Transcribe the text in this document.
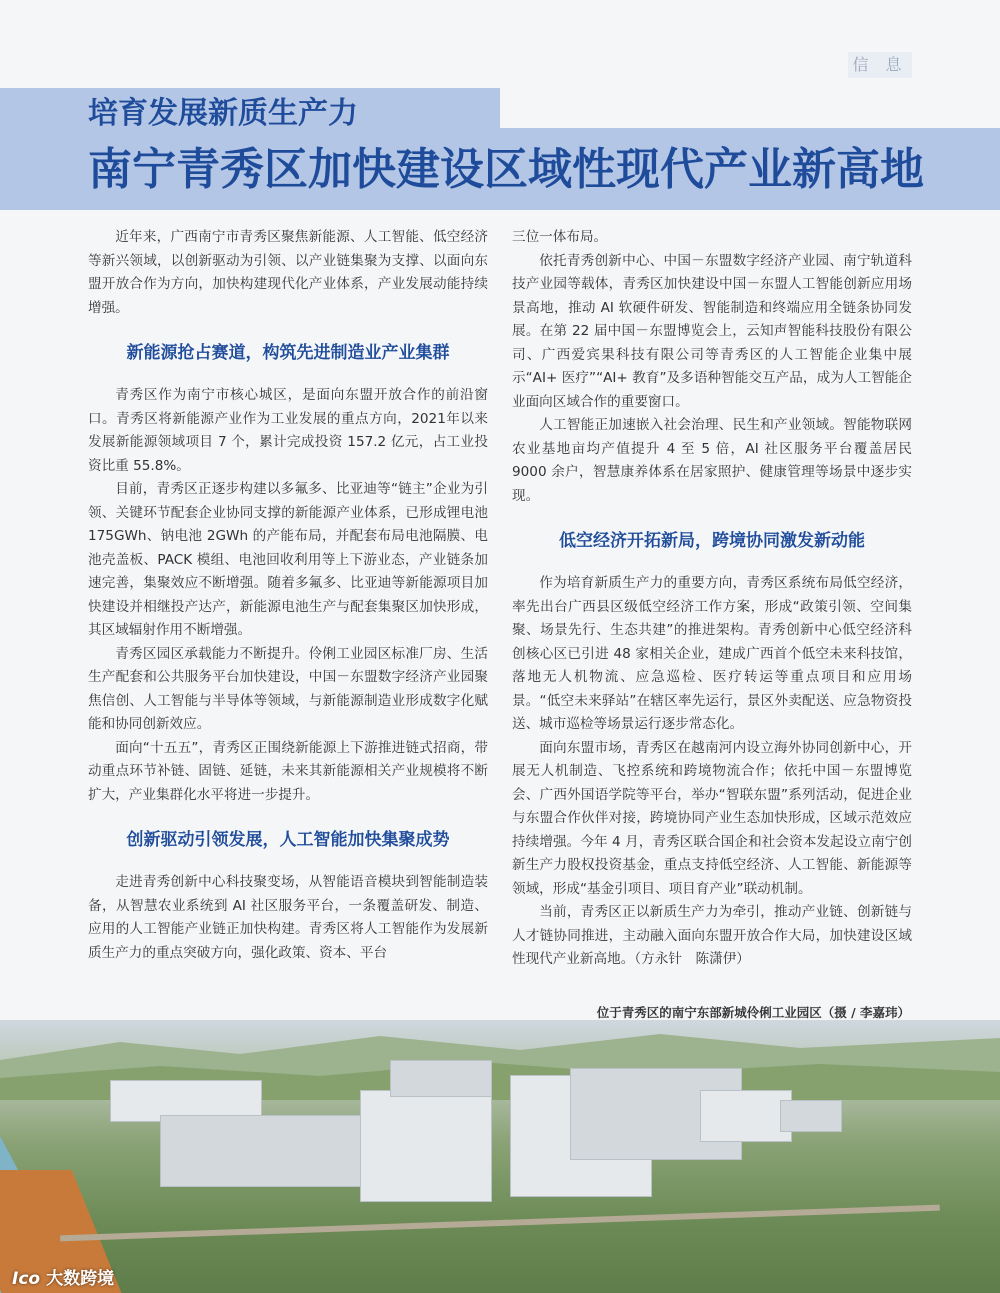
信 息
培育发展新质生产力
南宁青秀区加快建设区域性现代产业新高地

近年来，广西南宁市青秀区聚焦新能源、人工智能、低空经济等新兴领域，以创新驱动为引领、以产业链集聚为支撑、以面向东盟开放合作为方向，加快构建现代化产业体系，产业发展动能持续增强。

新能源抢占赛道，构筑先进制造业产业集群

青秀区作为南宁市核心城区，是面向东盟开放合作的前沿窗口。青秀区将新能源产业作为工业发展的重点方向，2021年以来发展新能源领域项目 7 个，累计完成投资 157.2 亿元，占工业投资比重 55.8%。

目前，青秀区正逐步构建以多氟多、比亚迪等“链主”企业为引领、关键环节配套企业协同支撑的新能源产业体系，已形成锂电池 175GWh、钠电池 2GWh 的产能布局，并配套布局电池隔膜、电池壳盖板、PACK 模组、电池回收利用等上下游业态，产业链条加速完善，集聚效应不断增强。随着多氟多、比亚迪等新能源项目加快建设并相继投产达产，新能源电池生产与配套集聚区加快形成，其区域辐射作用不断增强。

青秀区园区承载能力不断提升。伶俐工业园区标准厂房、生活生产配套和公共服务平台加快建设，中国－东盟数字经济产业园聚焦信创、人工智能与半导体等领域，与新能源制造业形成数字化赋能和协同创新效应。

面向“十五五”，青秀区正围绕新能源上下游推进链式招商，带动重点环节补链、固链、延链，未来其新能源相关产业规模将不断扩大，产业集群化水平将进一步提升。

创新驱动引领发展，人工智能加快集聚成势

走进青秀创新中心科技聚变场，从智能语音模块到智能制造装备，从智慧农业系统到 AI 社区服务平台，一条覆盖研发、制造、应用的人工智能产业链正加快构建。青秀区将人工智能作为发展新质生产力的重点突破方向，强化政策、资本、平台

三位一体布局。

依托青秀创新中心、中国－东盟数字经济产业园、南宁轨道科技产业园等载体，青秀区加快建设中国－东盟人工智能创新应用场景高地，推动 AI 软硬件研发、智能制造和终端应用全链条协同发展。在第 22 届中国－东盟博览会上，云知声智能科技股份有限公司、广西爱宾果科技有限公司等青秀区的人工智能企业集中展示“AI+ 医疗”“AI+ 教育”及多语种智能交互产品，成为人工智能企业面向区域合作的重要窗口。

人工智能正加速嵌入社会治理、民生和产业领域。智能物联网农业基地亩均产值提升 4 至 5 倍，AI 社区服务平台覆盖居民 9000 余户，智慧康养体系在居家照护、健康管理等场景中逐步实现。

低空经济开拓新局，跨境协同激发新动能

作为培育新质生产力的重要方向，青秀区系统布局低空经济，率先出台广西县区级低空经济工作方案，形成“政策引领、空间集聚、场景先行、生态共建”的推进架构。青秀创新中心低空经济科创核心区已引进 48 家相关企业，建成广西首个低空未来科技馆，落地无人机物流、应急巡检、医疗转运等重点项目和应用场景。“低空未来驿站”在辖区率先运行，景区外卖配送、应急物资投送、城市巡检等场景运行逐步常态化。

面向东盟市场，青秀区在越南河内设立海外协同创新中心，开展无人机制造、飞控系统和跨境物流合作；依托中国－东盟博览会、广西外国语学院等平台，举办“智联东盟”系列活动，促进企业与东盟合作伙伴对接，跨境协同产业生态加快形成，区域示范效应持续增强。今年 4 月，青秀区联合国企和社会资本发起设立南宁创新生产力股权投资基金，重点支持低空经济、人工智能、新能源等领域，形成“基金引项目、项目育产业”联动机制。

当前，青秀区正以新质生产力为牵引，推动产业链、创新链与人才链协同推进，主动融入面向东盟开放合作大局，加快建设区域性现代产业新高地。（方永针　陈潇伊）

位于青秀区的南宁东部新城伶俐工业园区（摄 / 李嘉玮）
Ico 大数跨境
